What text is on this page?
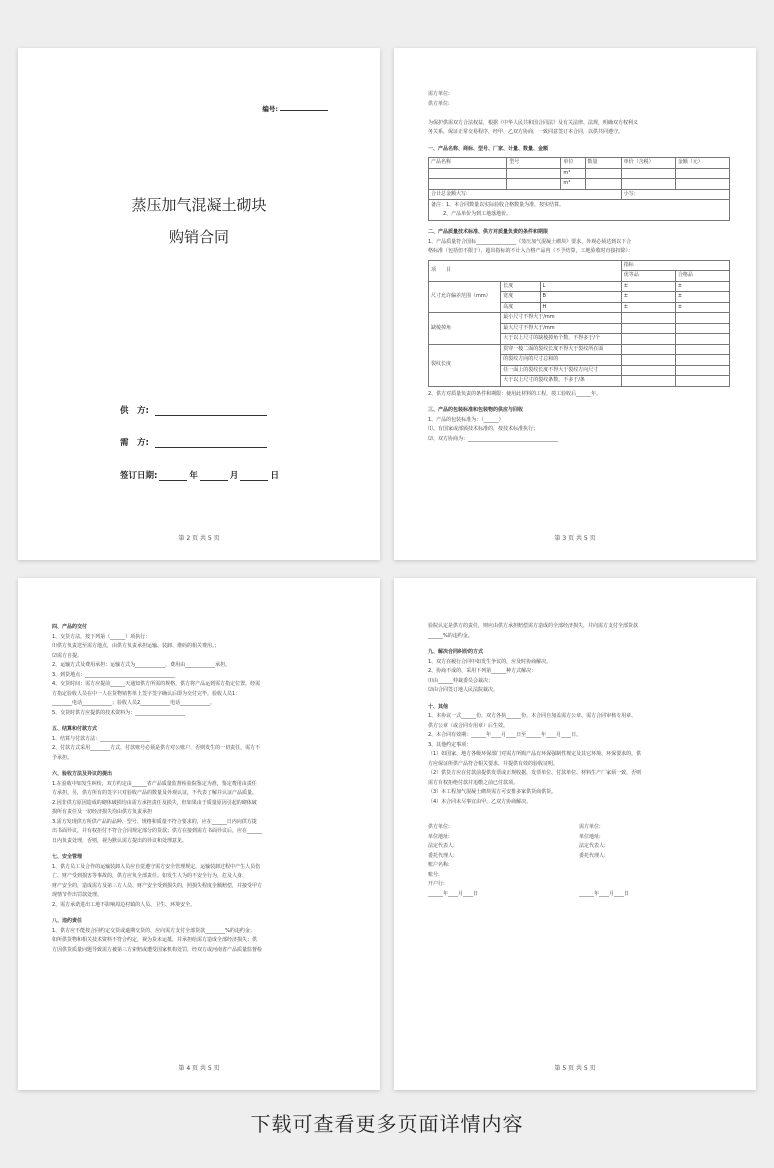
编号:
蒸压加气混凝土砌块
购销合同
供　方:
需　方:
签订日期:	年	月	日
第 2 页 共 5 页

需方单位:

供方单位:

为保护供需双方合法权益，根据《中华人民共和国合同法》及有关法律、法规，明确双方权利义

务关系，保证正常交易程序，经甲、乙双方协商，一致同意签订本合同，以供共同遵守。

一、产品名称、商标、型号、厂家、计量、数量、金额

产品名称	型号	单位	数量	单价（含税）	金额（元）
		m³			
		m³			
合计总金额大写:				小写:	

备注：1、本合同数量以实际验收合格数量为准，按实结算。
2、产品单价为到工地落地价。					

二、产品质量技术标准、供方对质量负责的条件和期限

1、产品质量符合国标________________《蒸压加气混凝土砌块》要求，外观必须达到以下合

格标准（包括但不限于），超出指标的不计入合格产品内（不予结算，工地验收时直接扣除）：

项　　目			指标	
			优等品	合格品
尺寸允许偏差范围（mm）	长度	L	±	±
	宽度	B	±	±
	高度	H	±	±
缺棱掉角	最小尺寸不得大于/mm			
	最大尺寸不得大于/mm			
	大于以上尺寸的缺棱掉角个数，不得多于/个			
裂纹长度	贯穿一棱二面的裂纹长度不得大于裂纹所在面			
	的裂纹方向的尺寸总和的			
	任一面上的裂纹长度不得大于裂纹方向尺寸			
	大于以上尺寸的裂纹条数，不多于/条			

2、供方对质量负责的条件和期限：使用此材料的工程，竣工验收后______年。

三、产品的包装标准和包装物的供应与回收

1、产品的包装标准为：（______）

⑴、有国家或部颁技术标准的，按技术标准执行；

⑵、双方协商为：____________________________________

第 3 页 共 5 页

四、产品的交付

1、交货方法，按下列第（______）项执行：

⑴供方负责送至需方地点，由供方负责承担运输、装卸、堆码的相关费用。；

⑵需方自提。

2、运输方式及费用承担：运输方式为____________，费用由____________承担。

3、到货地点：____________________________________

4、交货时间：需方应提前______天通知供方所需的规格，供方将产品运到需方指定位置，经需

方指定验收人员在中一人在货物销售单上签字签字确认后即为交付完毕。验收人员1：

________电话____________；验收人员2____________电话____________。

5、交货时供方应提供的技术资料为：____________________

五、结算和付款方式

1、结算与付款方法：____________________

2、付款方式采用________方式，付款账号必须是供方对公账户，否则发生的一切责任，需方不

予承担。

六、验收方法及异议的提出

1.在验收中如发生纠纷，双方约定由______省产品质量监督检验院鉴定为准，鉴定费用由责任

方承担。另，供方所有的签字只对验收产品的数量及外观认证，不代表了解并认证产品质量。

2.因非供方原因造成的砌体破损均由需方承担责任及损失，但如果由于质量原因引起的砌体破

损所有责任及一切经济损失均由供方负责承担

3.需方发现供方所供产品的品种、型号、规格和质量不符合要求的，应在______日内向供方提

出书面异议，并有权拒付不符合合同规定部分的货款；供方在接到需方书面异议后，应在______

日内负责处理，否则，视为默认需方提出的异议和处理意见。

七、安全管理

1、供方员工及合作的运输装卸人员应自觉遵守需方安全管理规定，运输装卸过程中产生人员伤

亡、财产受到损害等事故的，供方应负全部责任。如发生人为的不安全行为，危及人身、

财产安全的，造成需方及第三方人员、财产安全受到损失的，照损失程度全额赔偿，并接受甲方

现情节作出罚款处理。

2、需方承诺进出工地不影响周边村镇的人员、卫生、环境安全。

八、违约责任

1、供方应不能按合同约定交货或逾期交货的，应向需方支付全部货款________%的违约金；

如所供货物和相关技术资料不符合约定，视为货未运抵，并承担给需方造成全部经济损失；供

方因供货质量问题导致需方被第三方索赔或遭受国家机构处罚，经双方或河南省产品质量监督检

第 4 页 共 5 页

验院认定是供方的责任，则应由供方承担赔偿需方造成的全部经济损失，并向需方支付全部货款

______%的违约金。

九、解决合同纠纷的方式

1、双方在履行合同中如发生争议的，应及时协商解决。

2、协商不成的，采用下列第______种方式解决：

⑴由______仲裁委员会裁决；

⑵由合同签订地人民法院裁决。

十、其他

1、本协议一式______份，双方各执______份，本合同自加盖需方公章、需方合同审核专用章、

供方公章（或合同专用章）后生效。

2、本合同有效期：______年____月____日至______年____月____日。

3、其他约定事项：

（1）如国家、地方各级环保部门对需方所购产品有环保强制性规定及其它环境、环保要求的，供

方应保证所供产品符合相关要求，并提供有效的验收证明。

（2）供货方应在付款前提供发票或正规收据，发票单位、付款单位、材料生产厂家须一致，否则

需方有权拒绝付款并追缴之前已付款项。

（3）本工程加气混凝土砌块需方可安排多家供货商供货。

（4）本合同未尽事宜由甲、乙双方协商解决。

供方单位:

单位地址:

法定代表人:

委托代理人:

账户名称:

账号:

开户行:

______年____月____日

需方单位:

单位地址:

法定代表人:

委托代理人:

______年____月____日

第 5 页 共 5 页
下载可查看更多页面详情内容
